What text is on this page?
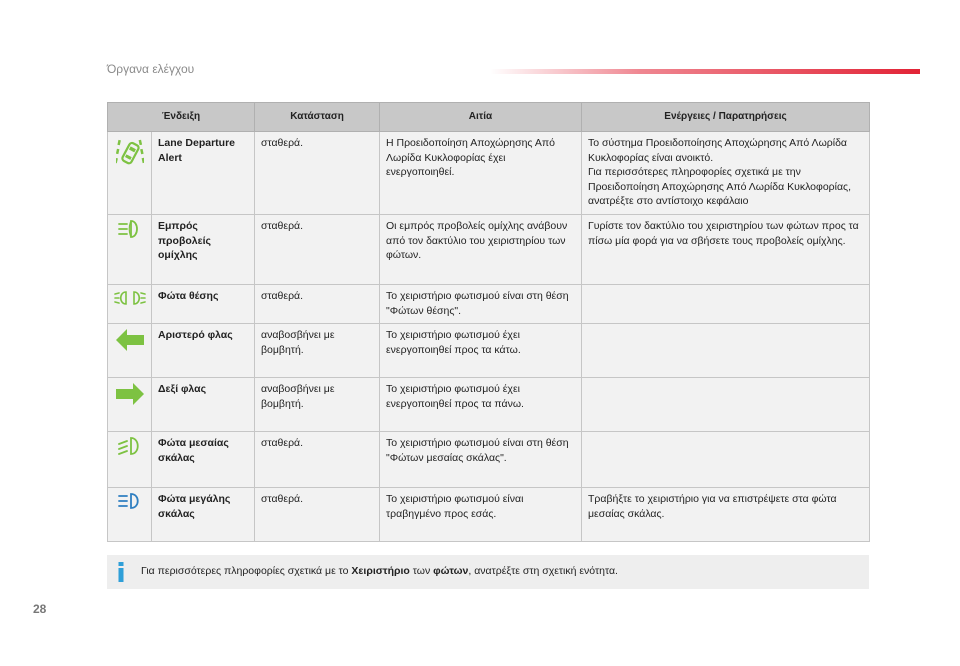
Όργανα ελέγχου
Ένδειξη		Κατάσταση	Αιτία	Ενέργειες / Παρατηρήσεις
	Lane Departure Alert	σταθερά.	Η Προειδοποίηση Αποχώρησης Από Λωρίδα Κυκλοφορίας έχει ενεργοποιηθεί.	Το σύστημα Προειδοποίησης Αποχώρησης Από Λωρίδα Κυκλοφορίας είναι ανοικτό.
Για περισσότερες πληροφορίες σχετικά με την Προειδοποίηση Αποχώρησης Από Λωρίδα Κυκλοφορίας, ανατρέξτε στο αντίστοιχο κεφάλαιο
	Εμπρός προβολείς ομίχλης	σταθερά.	Οι εμπρός προβολείς ομίχλης ανάβουν από τον δακτύλιο του χειριστηρίου των φώτων.	Γυρίστε τον δακτύλιο του χειριστηρίου των φώτων προς τα πίσω μία φορά για να σβήσετε τους προβολείς ομίχλης.
	Φώτα θέσης	σταθερά.	Το χειριστήριο φωτισμού είναι στη θέση "Φώτων θέσης".	
	Αριστερό φλας	αναβοσβήνει με βομβητή.	Το χειριστήριο φωτισμού έχει ενεργοποιηθεί προς τα κάτω.	
	Δεξί φλας	αναβοσβήνει με βομβητή.	Το χειριστήριο φωτισμού έχει ενεργοποιηθεί προς τα πάνω.	
	Φώτα μεσαίας σκάλας	σταθερά.	Το χειριστήριο φωτισμού είναι στη θέση "Φώτων μεσαίας σκάλας".	
	Φώτα μεγάλης σκάλας	σταθερά.	Το χειριστήριο φωτισμού είναι τραβηγμένο προς εσάς.	Τραβήξτε το χειριστήριο για να επιστρέψετε στα φώτα μεσαίας σκάλας.
Για περισσότερες πληροφορίες σχετικά με το Χειριστήριο των φώτων, ανατρέξτε στη σχετική ενότητα.
28
